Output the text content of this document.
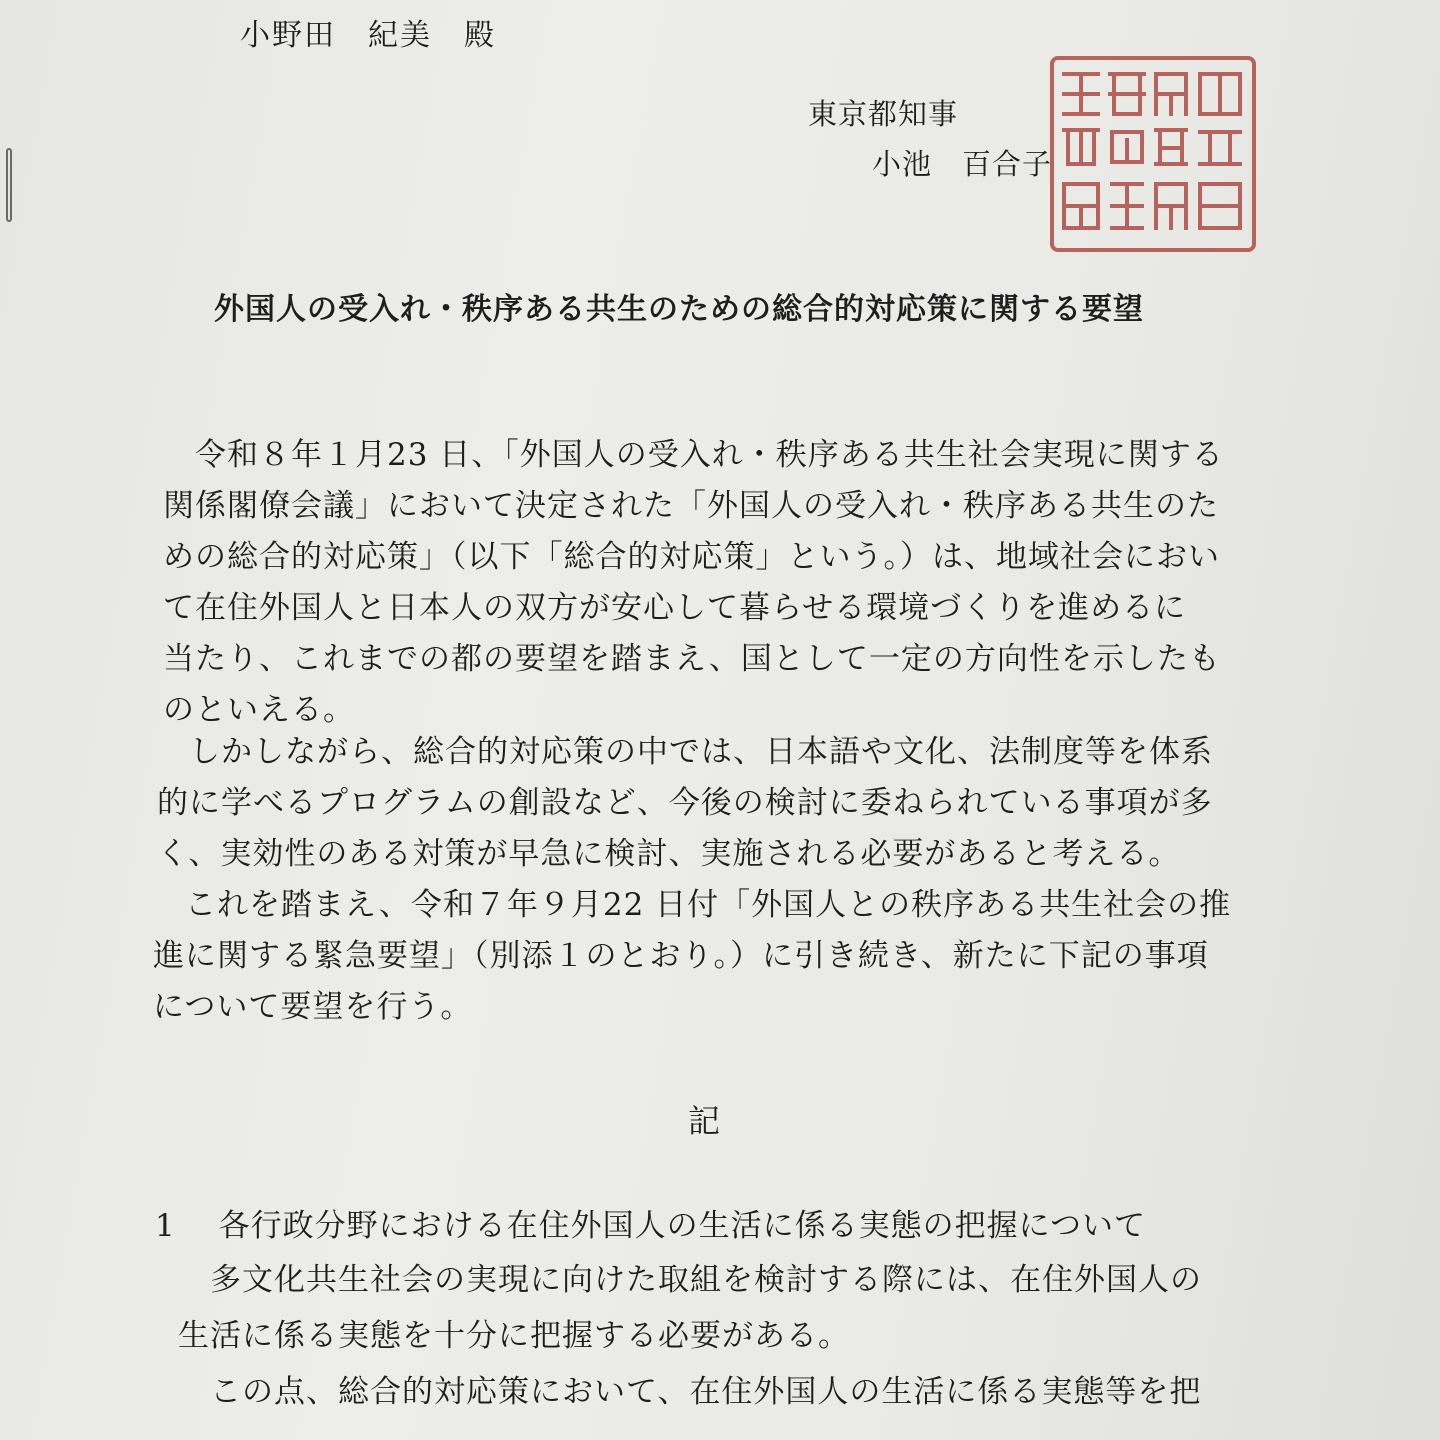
小野田　紀美　殿
東京都知事
小池　百合子
外国人の受入れ・秩序ある共生のための総合的対応策に関する要望
　令和８年１月23 日、「外国人の受入れ・秩序ある共生社会実現に関する
関係閣僚会議」において決定された「外国人の受入れ・秩序ある共生のた
めの総合的対応策」（以下「総合的対応策」という。）は、地域社会におい
て在住外国人と日本人の双方が安心して暮らせる環境づくりを進めるに
当たり、これまでの都の要望を踏まえ、国として一定の方向性を示したも
のといえる。
　しかしながら、総合的対応策の中では、日本語や文化、法制度等を体系
的に学べるプログラムの創設など、今後の検討に委ねられている事項が多
く、実効性のある対策が早急に検討、実施される必要があると考える。
　これを踏まえ、令和７年９月22 日付「外国人との秩序ある共生社会の推
進に関する緊急要望」（別添１のとおり。）に引き続き、新たに下記の事項
について要望を行う。
記
1　 各行政分野における在住外国人の生活に係る実態の把握について
　多文化共生社会の実現に向けた取組を検討する際には、在住外国人の
生活に係る実態を十分に把握する必要がある。
　この点、総合的対応策において、在住外国人の生活に係る実態等を把
